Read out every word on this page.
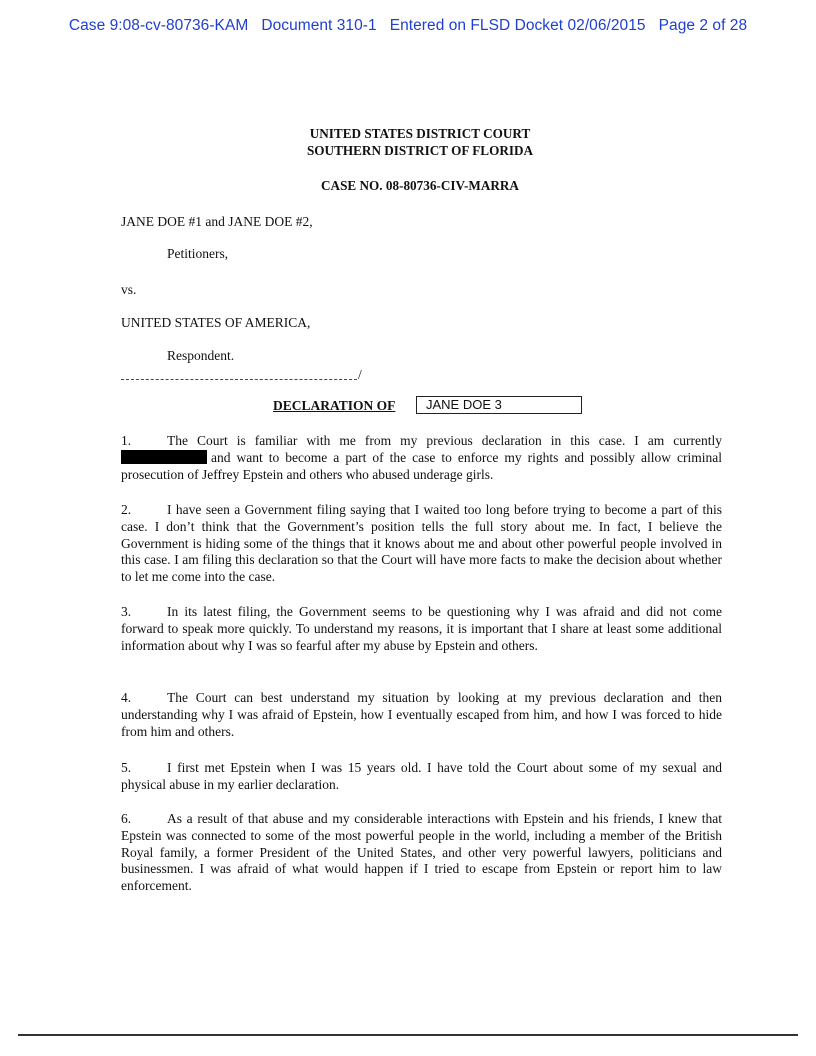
Case 9:08-cv-80736-KAM   Document 310-1   Entered on FLSD Docket 02/06/2015   Page 2 of 28
UNITED STATES DISTRICT COURT
SOUTHERN DISTRICT OF FLORIDA
CASE NO. 08-80736-CIV-MARRA
JANE DOE #1 and JANE DOE #2,
Petitioners,
vs.
UNITED STATES OF AMERICA,
Respondent.
/
DECLARATION OF	JANE DOE 3
1.	The Court is familiar with me from my previous declaration in this case. I am currently and want to become a part of the case to enforce my rights and possibly allow criminal prosecution of Jeffrey Epstein and others who abused underage girls.
2.	I have seen a Government filing saying that I waited too long before trying to become a part of this case. I don’t think that the Government’s position tells the full story about me. In fact, I believe the Government is hiding some of the things that it knows about me and about other powerful people involved in this case. I am filing this declaration so that the Court will have more facts to make the decision about whether to let me come into the case.
3.	In its latest filing, the Government seems to be questioning why I was afraid and did not come forward to speak more quickly. To understand my reasons, it is important that I share at least some additional information about why I was so fearful after my abuse by Epstein and others.
4.	The Court can best understand my situation by looking at my previous declaration and then understanding why I was afraid of Epstein, how I eventually escaped from him, and how I was forced to hide from him and others.
5.	I first met Epstein when I was 15 years old. I have told the Court about some of my sexual and physical abuse in my earlier declaration.
6.	As a result of that abuse and my considerable interactions with Epstein and his friends, I knew that Epstein was connected to some of the most powerful people in the world, including a member of the British Royal family, a former President of the United States, and other very powerful lawyers, politicians and businessmen. I was afraid of what would happen if I tried to escape from Epstein or report him to law enforcement.
